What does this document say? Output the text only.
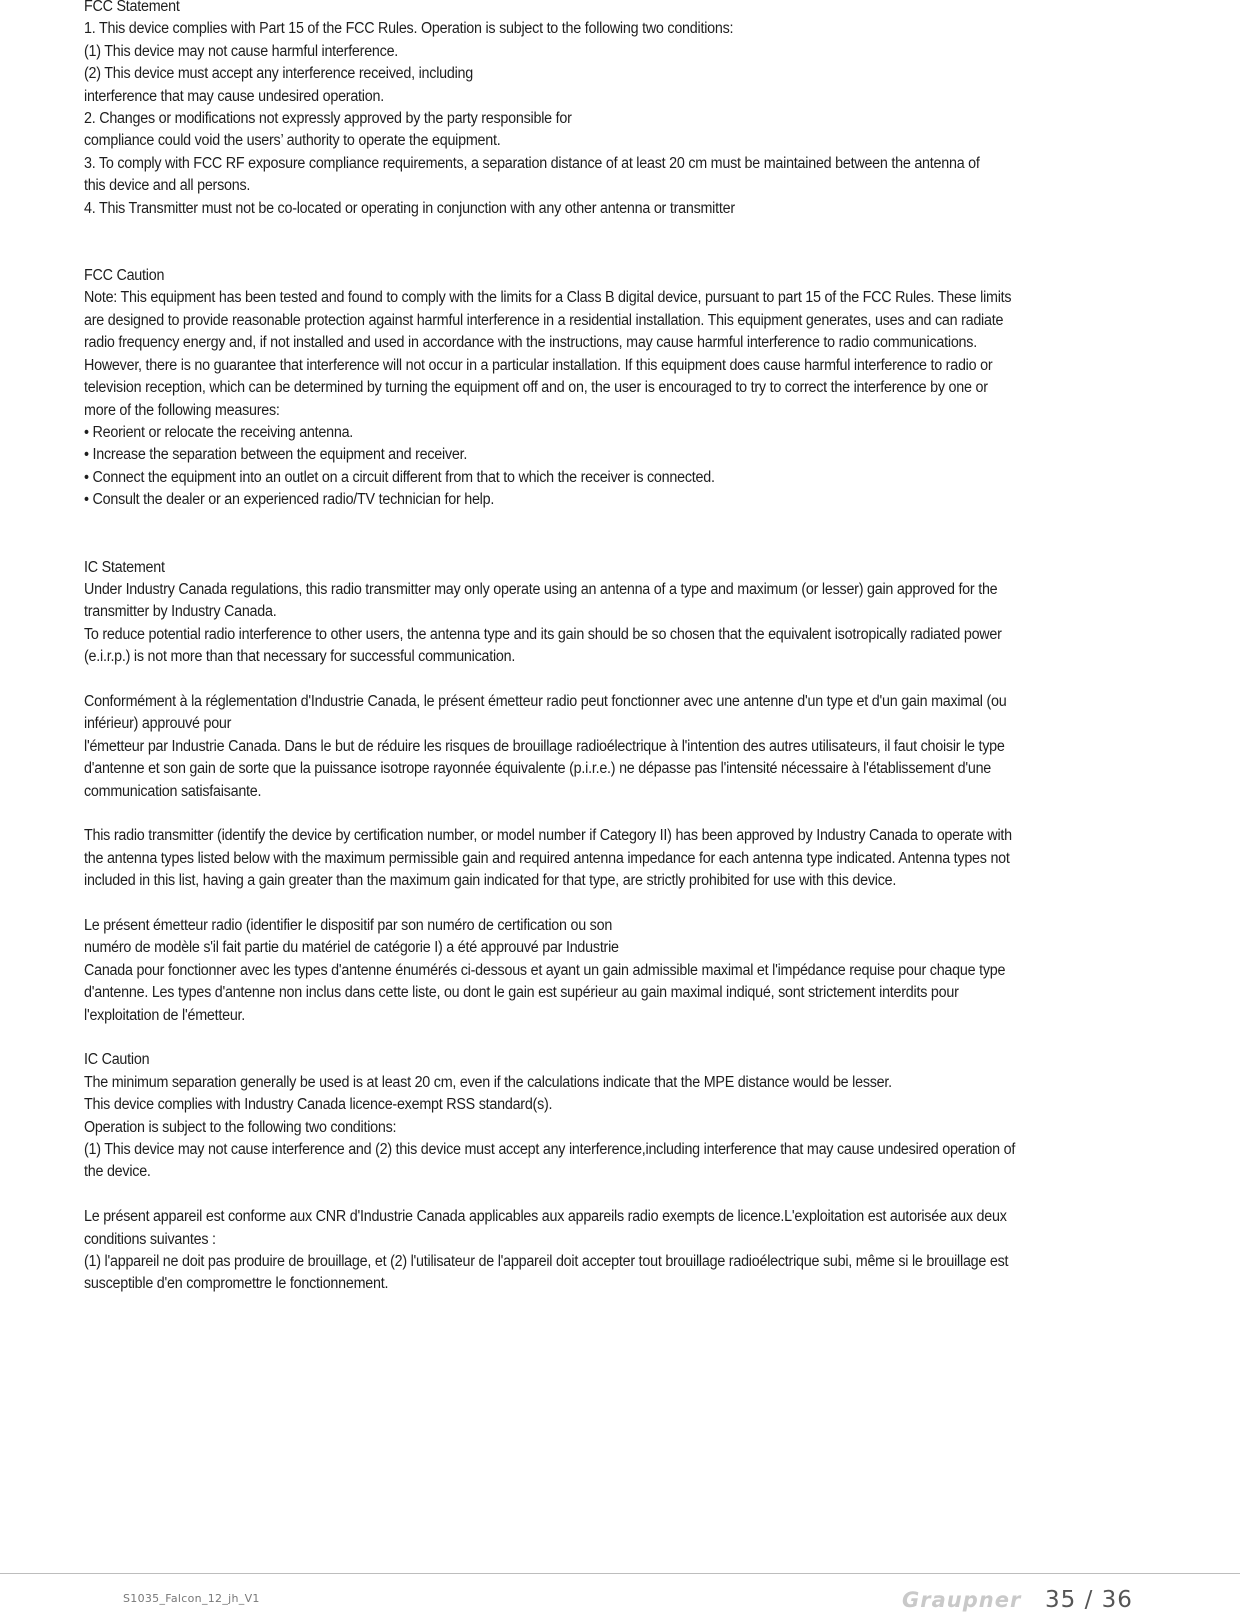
FCC Statement
1. This device complies with Part 15 of the FCC Rules. Operation is subject to the following two conditions:
(1) This device may not cause harmful interference.
(2) This device must accept any interference received, including
interference that may cause undesired operation.
2. Changes or modifications not expressly approved by the party responsible for
compliance could void the users’ authority to operate the equipment.
3. To comply with FCC RF exposure compliance requirements, a separation distance of at least 20 cm must be maintained between the antenna of
this device and all persons.
4. This Transmitter must not be co-located or operating in conjunction with any other antenna or transmitter
FCC Caution
Note: This equipment has been tested and found to comply with the limits for a Class B digital device, pursuant to part 15 of the FCC Rules. These limits
are designed to provide reasonable protection against harmful interference in a residential installation. This equipment generates, uses and can radiate
radio frequency energy and, if not installed and used in accordance with the instructions, may cause harmful interference to radio communications.
However, there is no guarantee that interference will not occur in a particular installation. If this equipment does cause harmful interference to radio or
television reception, which can be determined by turning the equipment off and on, the user is encouraged to try to correct the interference by one or
more of the following measures:
• Reorient or relocate the receiving antenna.
• Increase the separation between the equipment and receiver.
• Connect the equipment into an outlet on a circuit different from that to which the receiver is connected.
• Consult the dealer or an experienced radio/TV technician for help.
IC Statement
Under Industry Canada regulations, this radio transmitter may only operate using an antenna of a type and maximum (or lesser) gain approved for the
transmitter by Industry Canada.
To reduce potential radio interference to other users, the antenna type and its gain should be so chosen that the equivalent isotropically radiated power
(e.i.r.p.) is not more than that necessary for successful communication.
Conformément à la réglementation d'Industrie Canada, le présent émetteur radio peut fonctionner avec une antenne d'un type et d'un gain maximal (ou
inférieur) approuvé pour
l'émetteur par Industrie Canada. Dans le but de réduire les risques de brouillage radioélectrique à l'intention des autres utilisateurs, il faut choisir le type
d'antenne et son gain de sorte que la puissance isotrope rayonnée équivalente (p.i.r.e.) ne dépasse pas l'intensité nécessaire à l'établissement d'une
communication satisfaisante.
This radio transmitter (identify the device by certification number, or model number if Category II) has been approved by Industry Canada to operate with
the antenna types listed below with the maximum permissible gain and required antenna impedance for each antenna type indicated. Antenna types not
included in this list, having a gain greater than the maximum gain indicated for that type, are strictly prohibited for use with this device.
Le présent émetteur radio (identifier le dispositif par son numéro de certification ou son
numéro de modèle s'il fait partie du matériel de catégorie I) a été approuvé par Industrie
Canada pour fonctionner avec les types d'antenne énumérés ci-dessous et ayant un gain admissible maximal et l'impédance requise pour chaque type
d'antenne. Les types d'antenne non inclus dans cette liste, ou dont le gain est supérieur au gain maximal indiqué, sont strictement interdits pour
l'exploitation de l'émetteur.
IC Caution
The minimum separation generally be used is at least 20 cm, even if the calculations indicate that the MPE distance would be lesser.
This device complies with Industry Canada licence-exempt RSS standard(s).
Operation is subject to the following two conditions:
(1) This device may not cause interference and (2) this device must accept any interference,including interference that may cause undesired operation of
the device.
Le présent appareil est conforme aux CNR d'Industrie Canada applicables aux appareils radio exempts de licence.L'exploitation est autorisée aux deux
conditions suivantes :
(1) l'appareil ne doit pas produire de brouillage, et (2) l'utilisateur de l'appareil doit accepter tout brouillage radioélectrique subi, même si le brouillage est
susceptible d'en compromettre le fonctionnement.
S1035_Falcon_12_jh_V1	Graupner 35 / 36
